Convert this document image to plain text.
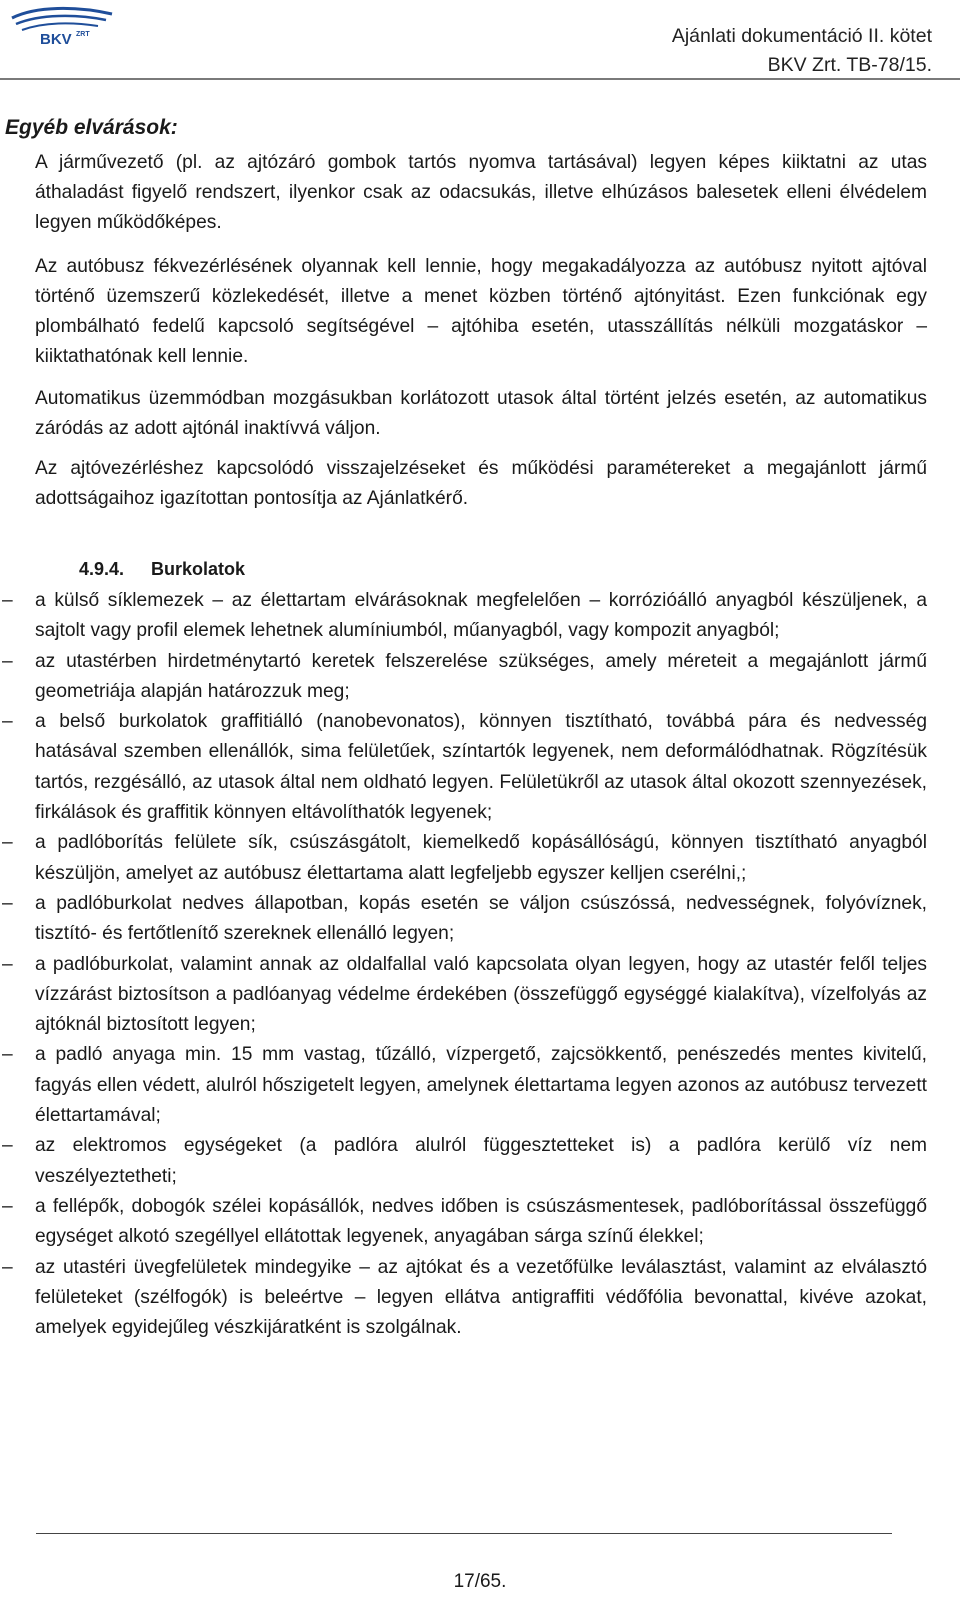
BKV ZRT	Ajánlati dokumentáció II. kötet
BKV Zrt. TB-78/15.
Egyéb elvárások:

A járművezető (pl. az ajtózáró gombok tartós nyomva tartásával) legyen képes kiiktatni az utas áthaladást figyelő rendszert, ilyenkor csak az odacsukás, illetve elhúzásos balesetek elleni élvédelem legyen működőképes.

Az autóbusz fékvezérlésének olyannak kell lennie, hogy megakadályozza az autóbusz nyitott ajtóval történő üzemszerű közlekedését, illetve a menet közben történő ajtónyitást. Ezen funkciónak egy plombálható fedelű kapcsoló segítségével – ajtóhiba esetén, utasszállítás nélküli mozgatáskor – kiiktathatónak kell lennie.

Automatikus üzemmódban mozgásukban korlátozott utasok által történt jelzés esetén, az automatikus záródás az adott ajtónál inaktívvá váljon.

Az ajtóvezérléshez kapcsolódó visszajelzéseket és működési paramétereket a megajánlott jármű adottságaihoz igazítottan pontosítja az Ajánlatkérő.

4.9.4. Burkolatok
–	a külső síklemezek – az élettartam elvárásoknak megfelelően – korrózióálló anyagból készüljenek, a sajtolt vagy profil elemek lehetnek alumíniumból, műanyagból, vagy kompozit anyagból;
–	az utastérben hirdetménytartó keretek felszerelése szükséges, amely méreteit a megajánlott jármű geometriája alapján határozzuk meg;
–	a belső burkolatok graffitiálló (nanobevonatos), könnyen tisztítható, továbbá pára és nedvesség hatásával szemben ellenállók, sima felületűek, színtartók legyenek, nem deformálódhatnak. Rögzítésük tartós, rezgésálló, az utasok által nem oldható legyen. Felületükről az utasok által okozott szennyezések, firkálások és graffitik könnyen eltávolíthatók legyenek;
–	a padlóborítás felülete sík, csúszásgátolt, kiemelkedő kopásállóságú, könnyen tisztítható anyagból készüljön, amelyet az autóbusz élettartama alatt legfeljebb egyszer kelljen cserélni,;
–	a padlóburkolat nedves állapotban, kopás esetén se váljon csúszóssá, nedvességnek, folyóvíznek, tisztító- és fertőtlenítő szereknek ellenálló legyen;
–	a padlóburkolat, valamint annak az oldalfallal való kapcsolata olyan legyen, hogy az utastér felől teljes vízzárást biztosítson a padlóanyag védelme érdekében (összefüggő egységgé kialakítva), vízelfolyás az ajtóknál biztosított legyen;
–	a padló anyaga min. 15 mm vastag, tűzálló, vízpergető, zajcsökkentő, penészedés mentes kivitelű, fagyás ellen védett, alulról hőszigetelt legyen, amelynek élettartama legyen azonos az autóbusz tervezett élettartamával;
–	az elektromos egységeket (a padlóra alulról függesztetteket is) a padlóra kerülő víz nem veszélyeztetheti;
–	a fellépők, dobogók szélei kopásállók, nedves időben is csúszásmentesek, padlóborítással összefüggő egységet alkotó szegéllyel ellátottak legyenek, anyagában sárga színű élekkel;
–	az utastéri üvegfelületek mindegyike – az ajtókat és a vezetőfülke leválasztást, valamint az elválasztó felületeket (szélfogók) is beleértve – legyen ellátva antigraffiti védőfólia bevonattal, kivéve azokat, amelyek egyidejűleg vészkijáratként is szolgálnak.
17/65.
